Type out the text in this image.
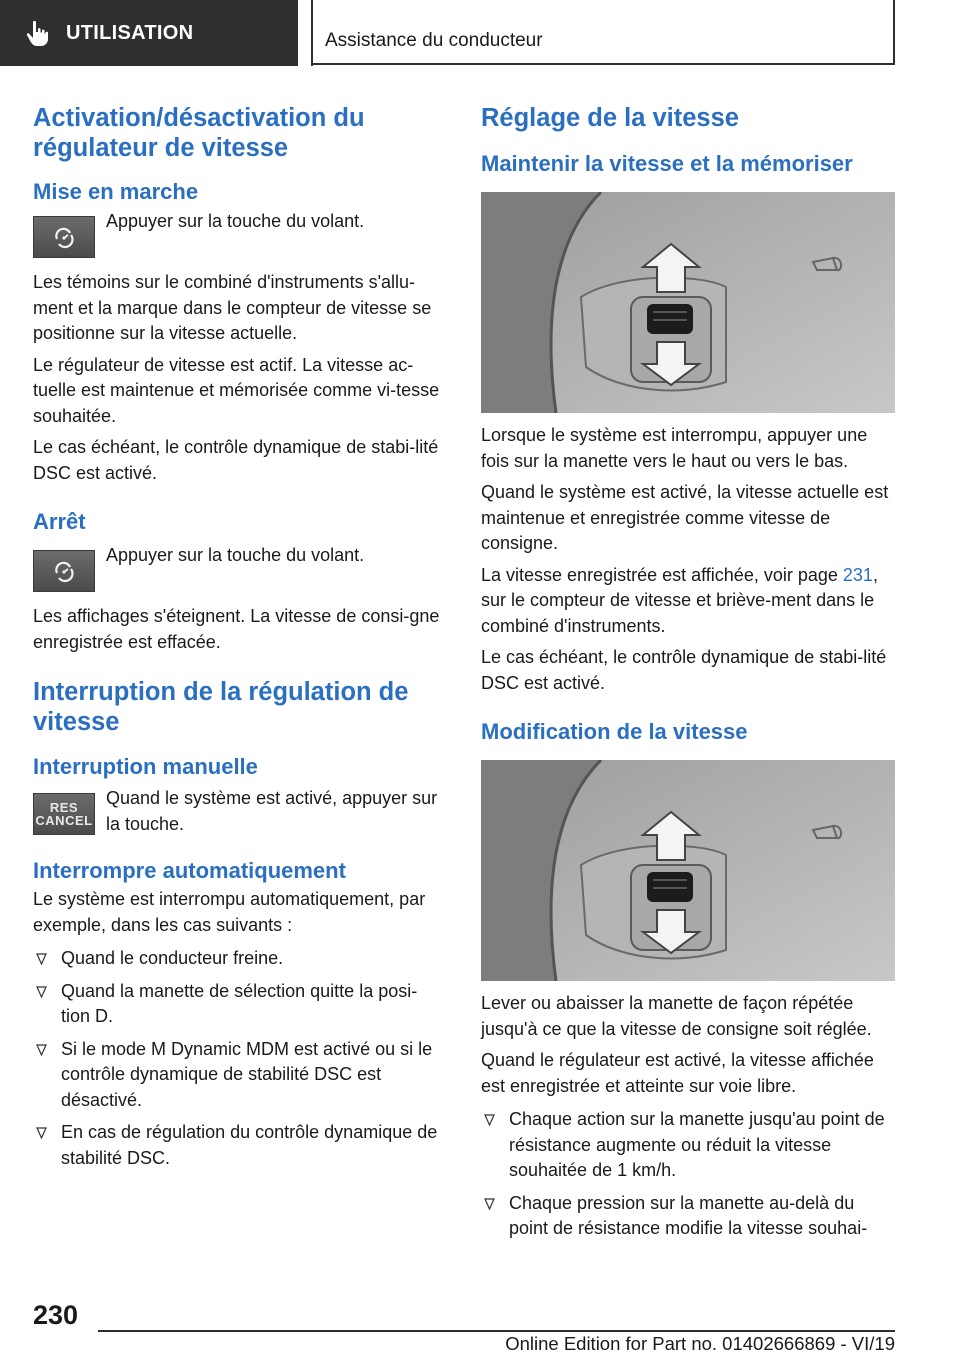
UTILISATION	Assistance du conducteur
Activation/désactivation du régulateur de vitesse
Mise en marche

Appuyer sur la touche du volant.

Les témoins sur le combiné d'instruments s'allu-ment et la marque dans le compteur de vitesse se positionne sur la vitesse actuelle.

Le régulateur de vitesse est actif. La vitesse ac-tuelle est maintenue et mémorisée comme vi-tesse souhaitée.

Le cas échéant, le contrôle dynamique de stabi-lité DSC est activé.

Arrêt

Appuyer sur la touche du volant.

Les affichages s'éteignent. La vitesse de consi-gne enregistrée est effacée.

Interruption de la régulation de vitesse
Interruption manuelle
RES
CANCEL

Quand le système est activé, appuyer sur la touche.

Interrompre automatiquement

Le système est interrompu automatiquement, par exemple, dans les cas suivants :

Quand le conducteur freine.
Quand la manette de sélection quitte la posi-tion D.
Si le mode M Dynamic MDM est activé ou si le contrôle dynamique de stabilité DSC est désactivé.
En cas de régulation du contrôle dynamique de stabilité DSC.
Réglage de la vitesse
Maintenir la vitesse et la mémoriser

Lorsque le système est interrompu, appuyer une fois sur la manette vers le haut ou vers le bas.

Quand le système est activé, la vitesse actuelle est maintenue et enregistrée comme vitesse de consigne.

La vitesse enregistrée est affichée, voir page 231, sur le compteur de vitesse et briève-ment dans le combiné d'instruments.

Le cas échéant, le contrôle dynamique de stabi-lité DSC est activé.

Modification de la vitesse

Lever ou abaisser la manette de façon répétée jusqu'à ce que la vitesse de consigne soit réglée.

Quand le régulateur est activé, la vitesse affichée est enregistrée et atteinte sur voie libre.

Chaque action sur la manette jusqu'au point de résistance augmente ou réduit la vitesse souhaitée de 1 km/h.
Chaque pression sur la manette au-delà du point de résistance modifie la vitesse souhai-
230
Online Edition for Part no. 01402666869 - VI/19
